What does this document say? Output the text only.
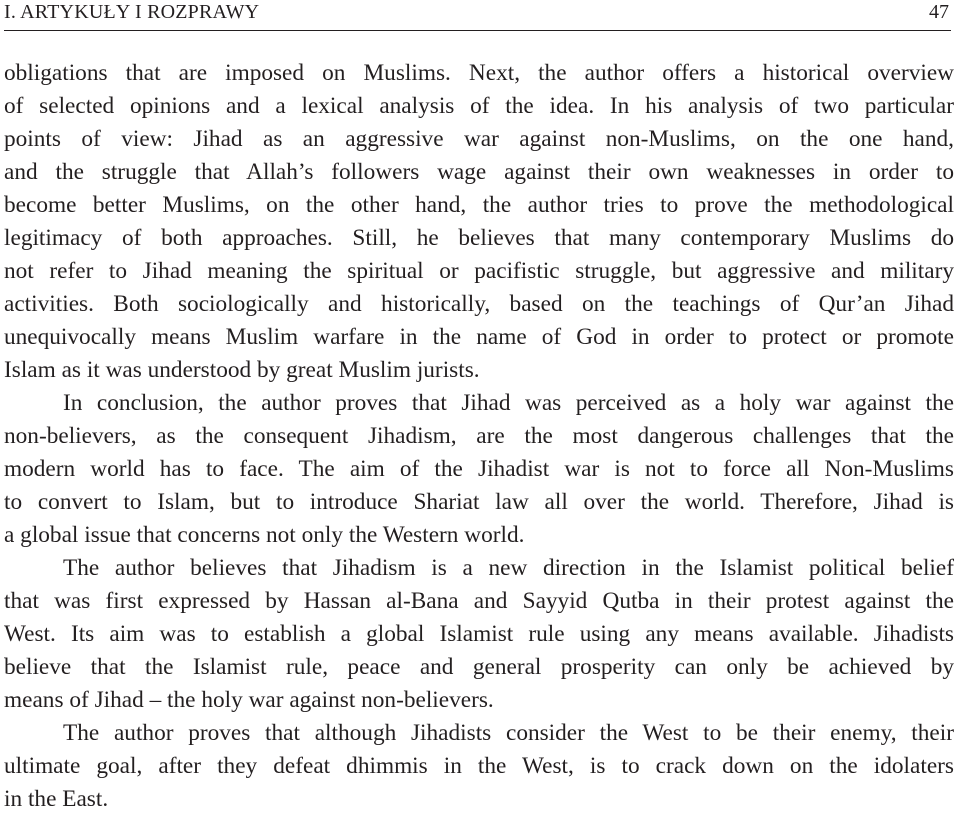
I. ARTYKUŁY I ROZPRAWY	47

obligations that are imposed on Muslims. Next, the author offers a historical overview
of selected opinions and a lexical analysis of the idea. In his analysis of two particular
points of view: Jihad as an aggressive war against non-Muslims, on the one hand,
and the struggle that Allah’s followers wage against their own weaknesses in order to
become better Muslims, on the other hand, the author tries to prove the methodological
legitimacy of both approaches. Still, he believes that many contemporary Muslims do
not refer to Jihad meaning the spiritual or pacifistic struggle, but aggressive and military
activities. Both sociologically and historically, based on the teachings of Qur’an Jihad
unequivocally means Muslim warfare in the name of God in order to protect or promote
Islam as it was understood by great Muslim jurists.

In conclusion, the author proves that Jihad was perceived as a holy war against the
non-believers, as the consequent Jihadism, are the most dangerous challenges that the
modern world has to face. The aim of the Jihadist war is not to force all Non-Muslims
to convert to Islam, but to introduce Shariat law all over the world. Therefore, Jihad is
a global issue that concerns not only the Western world.

The author believes that Jihadism is a new direction in the Islamist political belief
that was first expressed by Hassan al-Bana and Sayyid Qutba in their protest against the
West. Its aim was to establish a global Islamist rule using any means available. Jihadists
believe that the Islamist rule, peace and general prosperity can only be achieved by
means of Jihad – the holy war against non-believers.

The author proves that although Jihadists consider the West to be their enemy, their
ultimate goal, after they defeat dhimmis in the West, is to crack down on the idolaters
in the East.
